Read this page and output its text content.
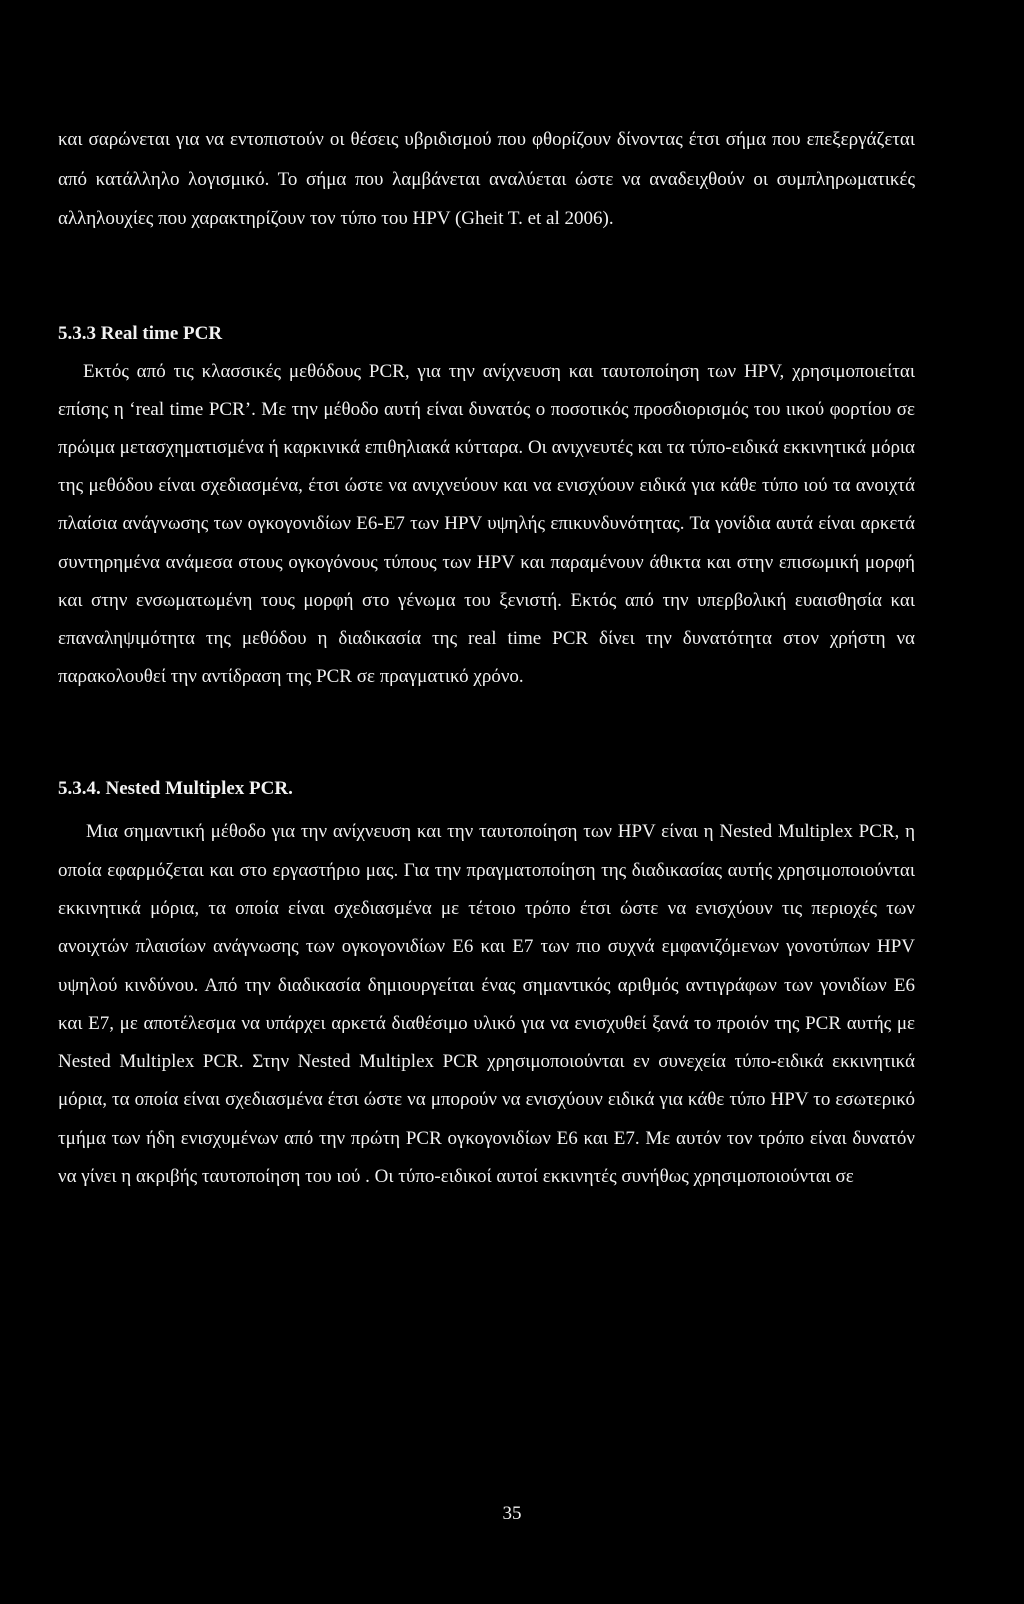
και σαρώνεται για να εντοπιστούν οι θέσεις υβριδισμού που φθορίζουν δίνοντας έτσι σήμα που επεξεργάζεται από κατάλληλο λογισμικό. Το σήμα που λαμβάνεται αναλύεται ώστε να αναδειχθούν οι συμπληρωματικές αλληλουχίες που χαρακτηρίζουν τον τύπο του HPV (Gheit T. et al 2006).

5.3.3 Real time PCR

Εκτός από τις κλασσικές μεθόδους PCR, για την ανίχνευση και ταυτοποίηση των HPV, χρησιμοποιείται επίσης η ‘real time PCR’. Με την μέθοδο αυτή είναι δυνατός ο ποσοτικός προσδιορισμός του ιικού φορτίου σε πρώιμα μετασχηματισμένα ή καρκινικά επιθηλιακά κύτταρα. Οι ανιχνευτές και τα τύπο-ειδικά εκκινητικά μόρια της μεθόδου είναι σχεδιασμένα, έτσι ώστε να ανιχνεύουν και να ενισχύουν ειδικά για κάθε τύπο ιού τα ανοιχτά πλαίσια ανάγνωσης των ογκογονιδίων E6-E7 των HPV υψηλής επικυνδυνότητας. Τα γονίδια αυτά είναι αρκετά συντηρημένα ανάμεσα στους ογκογόνους τύπους των HPV και παραμένουν άθικτα και στην επισωμική μορφή και στην ενσωματωμένη τους μορφή στο γένωμα του ξενιστή. Εκτός από την υπερβολική ευαισθησία και επαναληψιμότητα της μεθόδου η διαδικασία της real time PCR δίνει την δυνατότητα στον χρήστη να παρακολουθεί την αντίδραση της PCR σε πραγματικό χρόνο.

5.3.4. Nested Multiplex PCR.

Μια σημαντική μέθοδο για την ανίχνευση και την ταυτοποίηση των HPV είναι η Nested Multiplex PCR, η οποία εφαρμόζεται και στο εργαστήριο μας. Για την πραγματοποίηση της διαδικασίας αυτής χρησιμοποιούνται εκκινητικά μόρια, τα οποία είναι σχεδιασμένα με τέτοιο τρόπο έτσι ώστε να ενισχύουν τις περιοχές των ανοιχτών πλαισίων ανάγνωσης των ογκογονιδίων E6 και E7 των πιο συχνά εμφανιζόμενων γονοτύπων HPV υψηλού κινδύνου. Από την διαδικασία δημιουργείται ένας σημαντικός αριθμός αντιγράφων των γονιδίων E6 και E7, με αποτέλεσμα να υπάρχει αρκετά διαθέσιμο υλικό για να ενισχυθεί ξανά το προιόν της PCR αυτής με Nested Multiplex PCR. Στην Nested Multiplex PCR χρησιμοποιούνται εν συνεχεία τύπο-ειδικά εκκινητικά μόρια, τα οποία είναι σχεδιασμένα έτσι ώστε να μπορούν να ενισχύουν ειδικά για κάθε τύπο HPV το εσωτερικό τμήμα των ήδη ενισχυμένων από την πρώτη PCR ογκογονιδίων E6 και E7. Με αυτόν τον τρόπο είναι δυνατόν να γίνει η ακριβής ταυτοποίηση του ιού . Οι τύπο-ειδικοί αυτοί εκκινητές συνήθως χρησιμοποιούνται σε

35
